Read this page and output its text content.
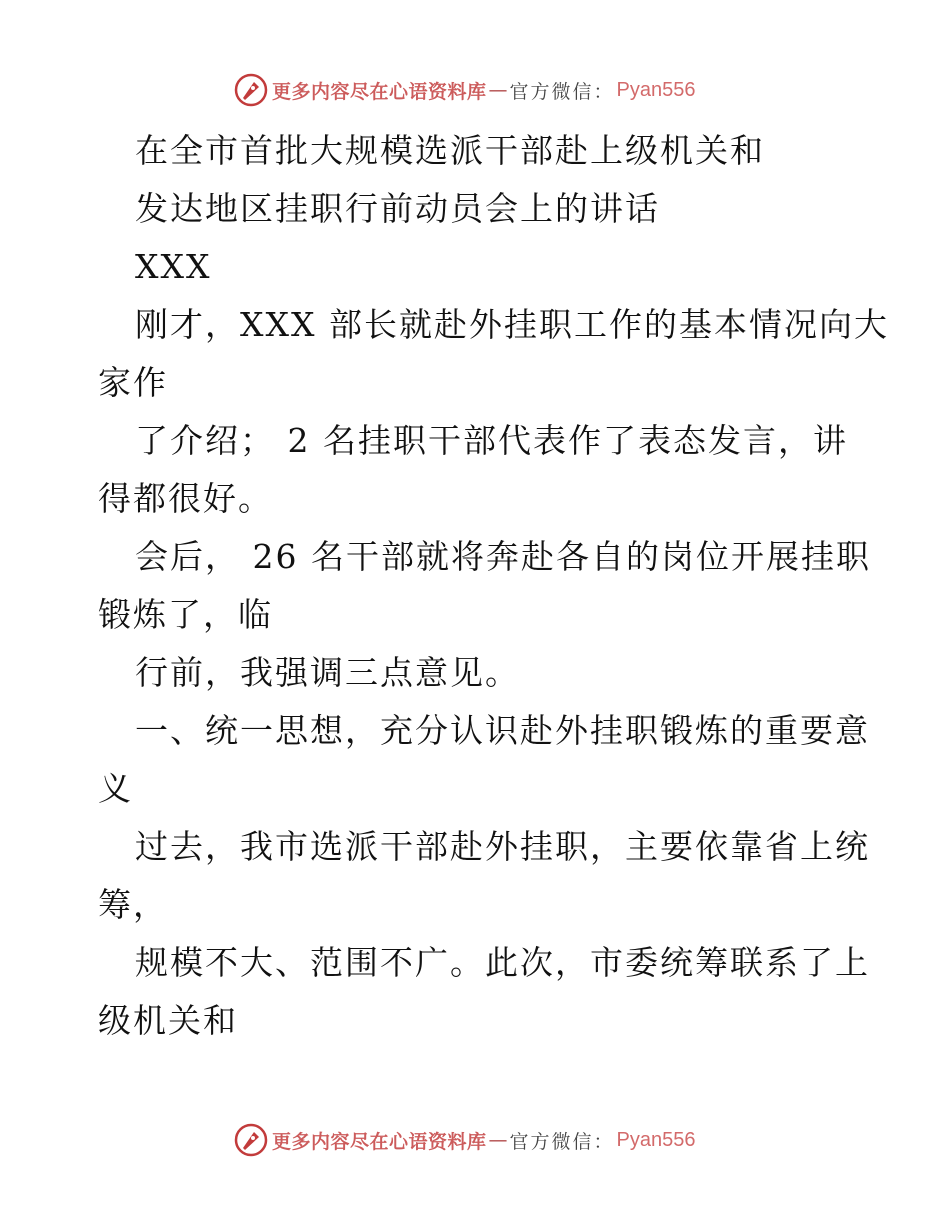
更多内容尽在心语资料库 — 官方微信： Pyan556
在全市首批大规模选派干部赴上级机关和
发达地区挂职行前动员会上的讲话
XXX
刚才，XXX 部长就赴外挂职工作的基本情况向大
家作
了介绍； 2 名挂职干部代表作了表态发言，讲
得都很好。
会后， 26 名干部就将奔赴各自的岗位开展挂职
锻炼了，临
行前，我强调三点意见。
一、统一思想，充分认识赴外挂职锻炼的重要意
义
过去，我市选派干部赴外挂职，主要依靠省上统
筹，
规模不大、范围不广。此次，市委统筹联系了上
级机关和
更多内容尽在心语资料库 — 官方微信： Pyan556
